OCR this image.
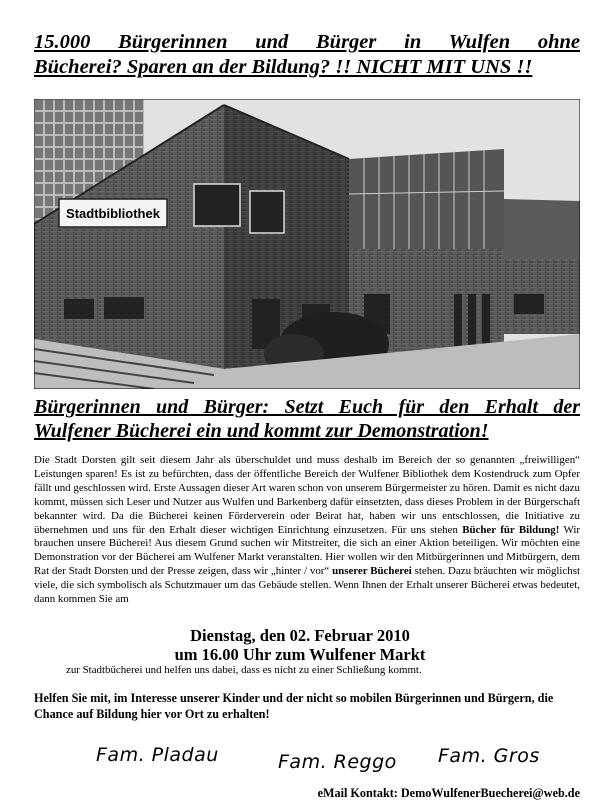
15.000 Bürgerinnen und Bürger in Wulfen ohne

Bücherei? Sparen an der Bildung? !! NICHT MIT UNS !!

Stadtbibliothek

Bürgerinnen und Bürger: Setzt Euch für den Erhalt der

Wulfener Bücherei ein und kommt zur Demonstration!

Die Stadt Dorsten gilt seit diesem Jahr als überschuldet und muss deshalb im Bereich der so genannten „freiwilligen“ Leistungen sparen! Es ist zu befürchten, dass der öffentliche Bereich der Wulfener Bibliothek dem Kostendruck zum Opfer fällt und geschlossen wird. Erste Aussagen dieser Art waren schon von unserem Bürgermeister zu hören. Damit es nicht dazu kommt, müssen sich Leser und Nutzer aus Wulfen und Barkenberg dafür einsetzten, dass dieses Problem in der Bürgerschaft bekannter wird. Da die Bücherei keinen Förderverein oder Beirat hat, haben wir uns entschlossen, die Initiative zu übernehmen und uns für den Erhalt dieser wichtigen Einrichtung einzusetzen. Für uns stehen Bücher für Bildung! Wir brauchen unsere Bücherei! Aus diesem Grund suchen wir Mitstreiter, die sich an einer Aktion beteiligen. Wir möchten eine Demonstration vor der Bücherei am Wulfener Markt veranstalten. Hier wollen wir den Mitbürgerinnen und Mitbürgern, dem Rat der Stadt Dorsten und der Presse zeigen, dass wir „hinter / vor“ unserer Bücherei stehen. Dazu bräuchten wir möglichst viele, die sich symbolisch als Schutzmauer um das Gebäude stellen. Wenn Ihnen der Erhalt unserer Bücherei etwas bedeutet, dann kommen Sie am

Dienstag, den 02. Februar 2010

um 16.00 Uhr zum Wulfener Markt

zur Stadtbücherei und helfen uns dabei, dass es nicht zu einer Schließung kommt.

Helfen Sie mit, im Interesse unserer Kinder und der nicht so mobilen Bürgerinnen und Bürgern, die Chance auf Bildung hier vor Ort zu erhalten!

Fam. Pladau	Fam. Reggo Fam. Gros
eMail Kontakt: DemoWulfenerBuecherei@web.de
